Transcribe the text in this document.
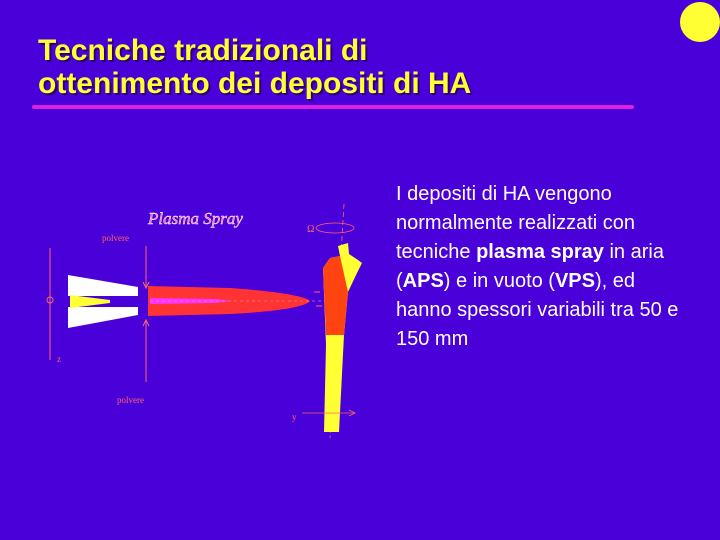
Tecniche tradizionali di
ottenimento dei depositi di HA
Plasma Spray
polvere
polvere
z
Ω
y
I depositi di HA vengono normalmente realizzati con tecniche plasma spray in aria (APS) e in vuoto (VPS), ed hanno spessori variabili tra 50 e 150 mm
